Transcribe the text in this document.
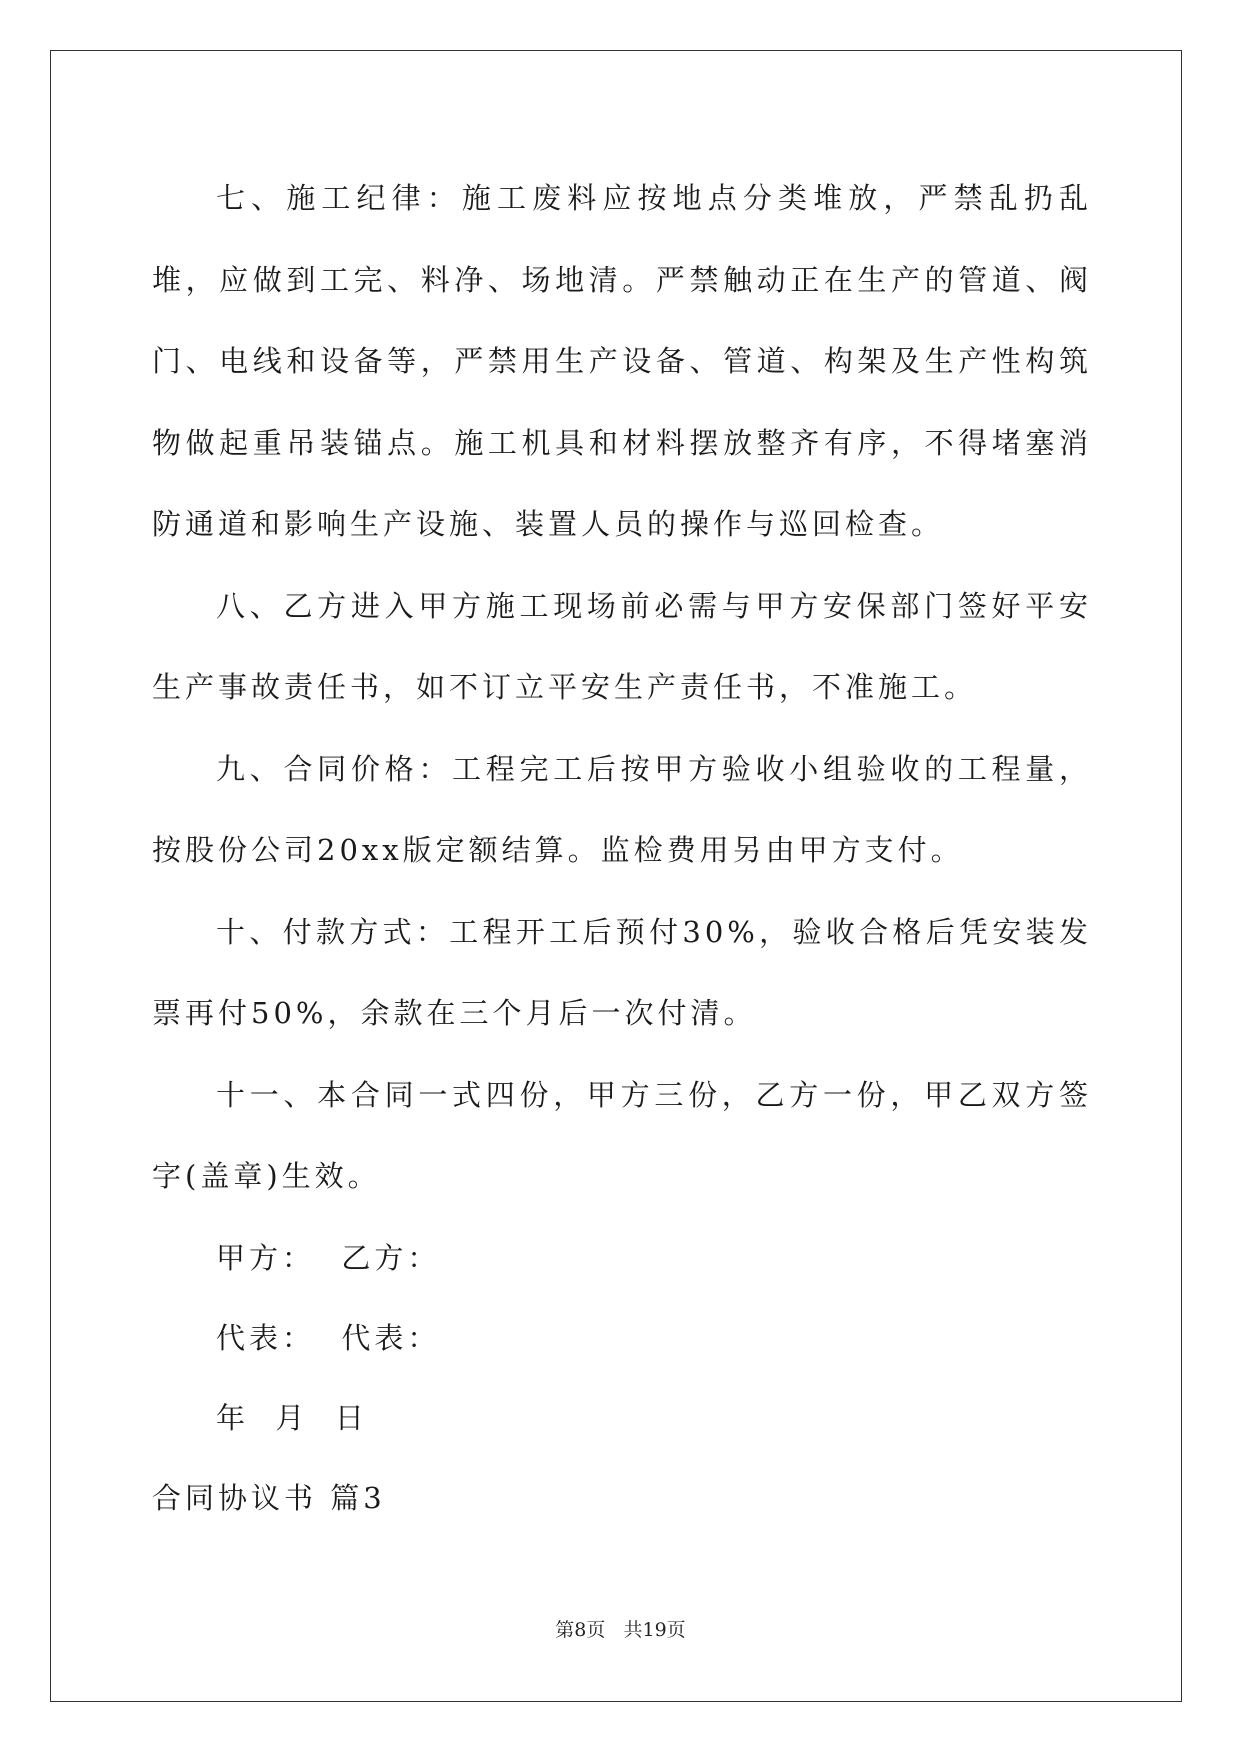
七、施工纪律：施工废料应按地点分类堆放，严禁乱扔乱堆，应做到工完、料净、场地清。严禁触动正在生产的管道、阀门、电线和设备等，严禁用生产设备、管道、构架及生产性构筑物做起重吊装锚点。施工机具和材料摆放整齐有序，不得堵塞消防通道和影响生产设施、装置人员的操作与巡回检查。

八、乙方进入甲方施工现场前必需与甲方安保部门签好平安生产事故责任书，如不订立平安生产责任书，不准施工。

九、合同价格：工程完工后按甲方验收小组验收的工程量，按股份公司20xx版定额结算。监检费用另由甲方支付。

十、付款方式：工程开工后预付30%，验收合格后凭安装发票再付50%，余款在三个月后一次付清。

十一、本合同一式四份，甲方三份，乙方一份，甲乙双方签字(盖章)生效。

甲方：  乙方：

代表：  代表：

年  月  日

合同协议书 篇3

第8页   共19页
